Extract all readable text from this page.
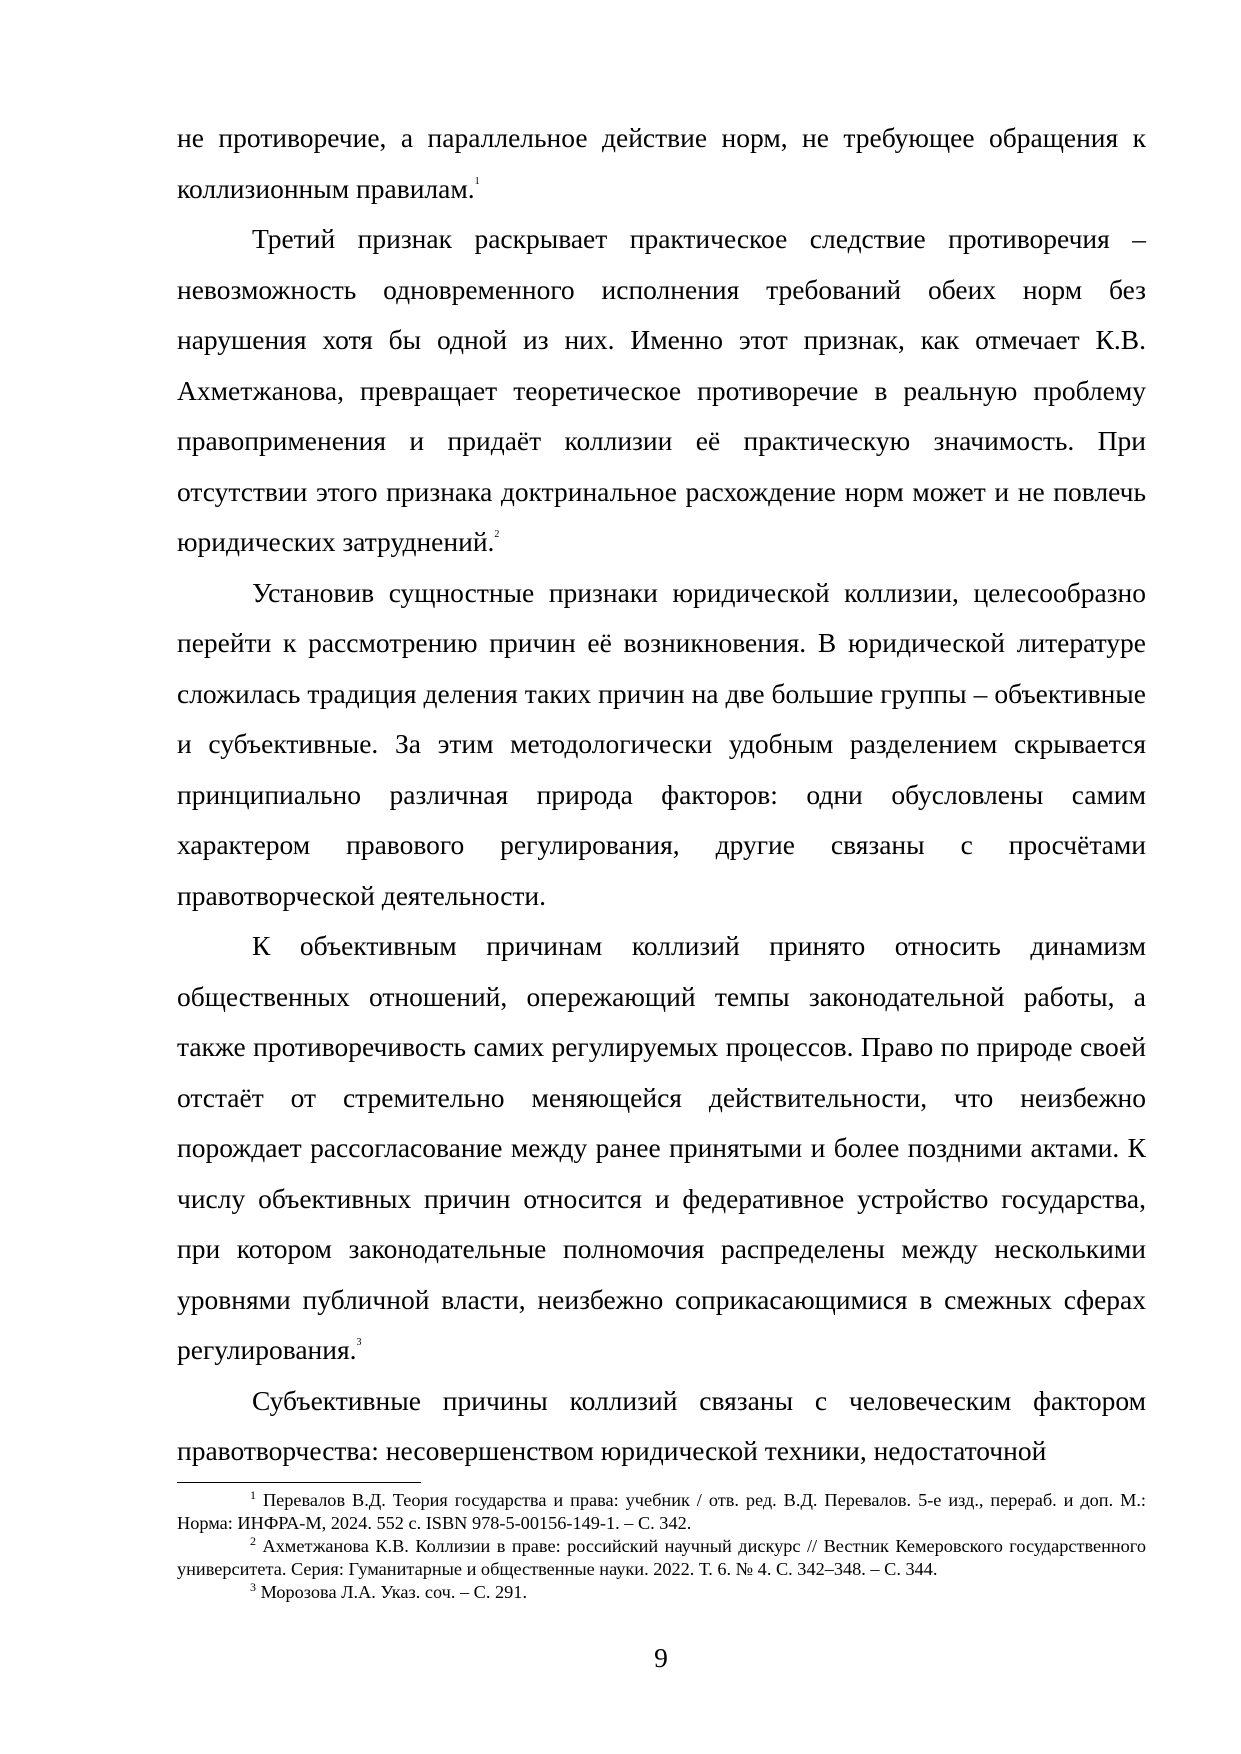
не противоречие, а параллельное действие норм, не требующее обращения к коллизионным правилам.$^1$

Третий признак раскрывает практическое следствие противоречия – невозможность одновременного исполнения требований обеих норм без нарушения хотя бы одной из них. Именно этот признак, как отмечает К.В. Ахметжанова, превращает теоретическое противоречие в реальную проблему правоприменения и придаёт коллизии её практическую значимость. При отсутствии этого признака доктринальное расхождение норм может и не повлечь юридических затруднений.$^2$

Установив сущностные признаки юридической коллизии, целесообразно перейти к рассмотрению причин её возникновения. В юридической литературе сложилась традиция деления таких причин на две большие группы – объективные и субъективные. За этим методологически удобным разделением скрывается принципиально различная природа факторов: одни обусловлены самим характером правового регулирования, другие связаны с просчётами правотворческой деятельности.

К объективным причинам коллизий принято относить динамизм общественных отношений, опережающий темпы законодательной работы, а также противоречивость самих регулируемых процессов. Право по природе своей отстаёт от стремительно меняющейся действительности, что неизбежно порождает рассогласование между ранее принятыми и более поздними актами. К числу объективных причин относится и федеративное устройство государства, при котором законодательные полномочия распределены между несколькими уровнями публичной власти, неизбежно соприкасающимися в смежных сферах регулирования.$^3$

Субъективные причины коллизий связаны с человеческим фактором правотворчества: несовершенством юридической техники, недостаточной

$^1$ Перевалов В.Д. Теория государства и права: учебник / отв. ред. В.Д. Перевалов. 5-е изд., перераб. и доп. М.: Норма: ИНФРА-М, 2024. 552 с. ISBN 978-5-00156-149-1. – С. 342.

$^2$ Ахметжанова К.В. Коллизии в праве: российский научный дискурс // Вестник Кемеровского государственного университета. Серия: Гуманитарные и общественные науки. 2022. Т. 6. № 4. С. 342–348. – С. 344.

$^3$ Морозова Л.А. Указ. соч. – С. 291.

9
